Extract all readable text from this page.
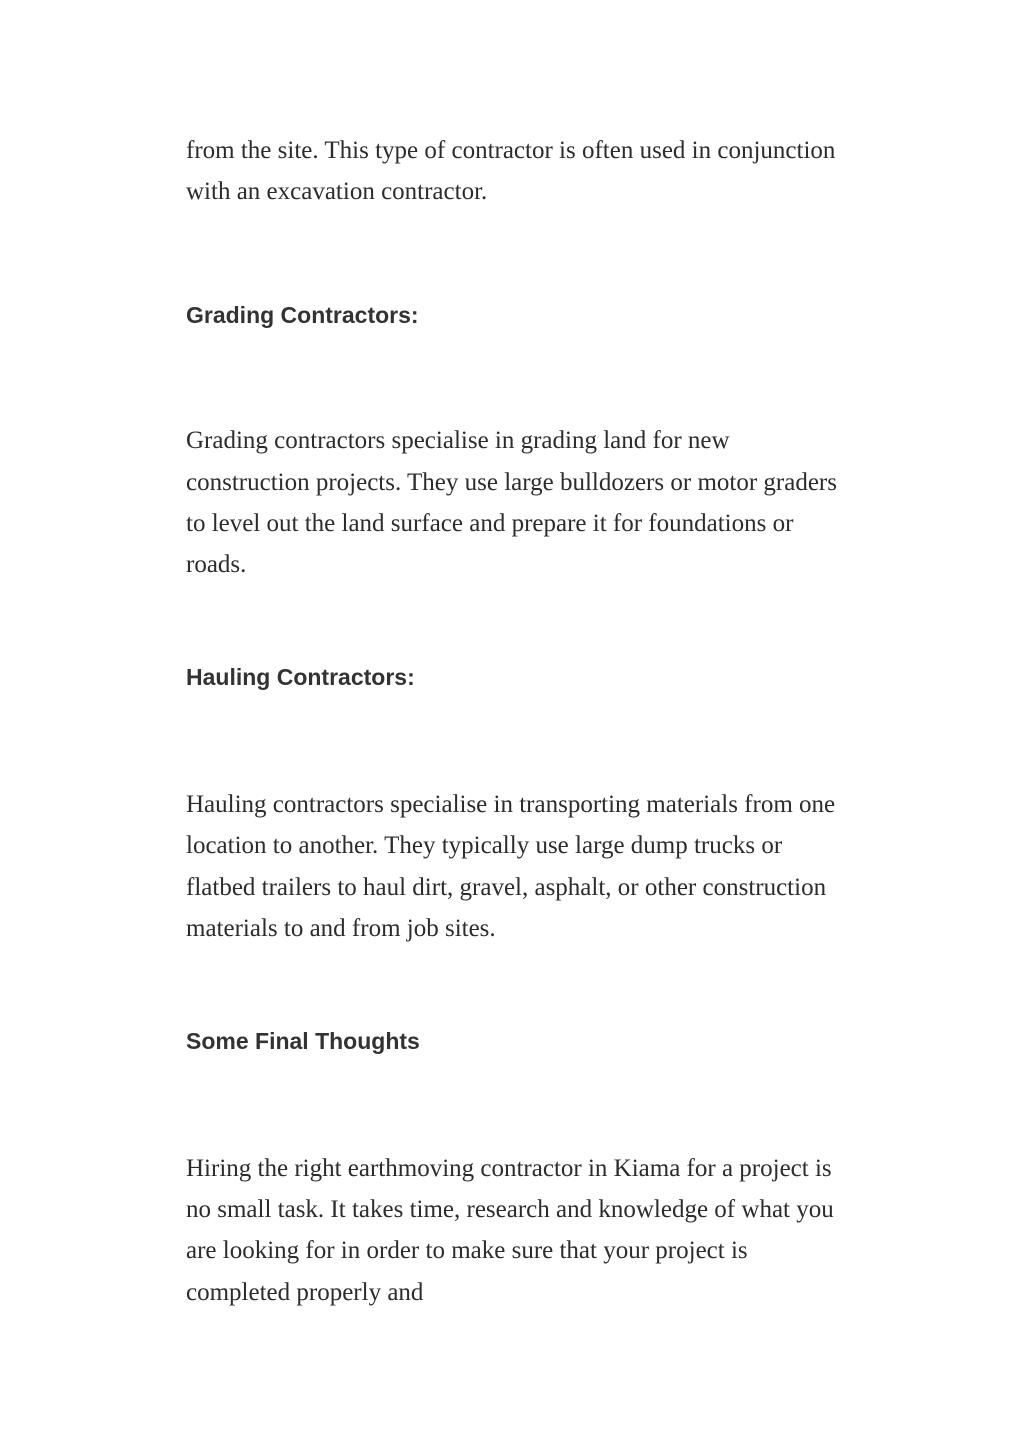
from the site. This type of contractor is often used in conjunction with an excavation contractor.

Grading Contractors:

Grading contractors specialise in grading land for new construction projects. They use large bulldozers or motor graders to level out the land surface and prepare it for foundations or roads.

Hauling Contractors:

Hauling contractors specialise in transporting materials from one location to another. They typically use large dump trucks or flatbed trailers to haul dirt, gravel, asphalt, or other construction materials to and from job sites.

Some Final Thoughts

Hiring the right earthmoving contractor in Kiama for a project is no small task. It takes time, research and knowledge of what you are looking for in order to make sure that your project is completed properly and
